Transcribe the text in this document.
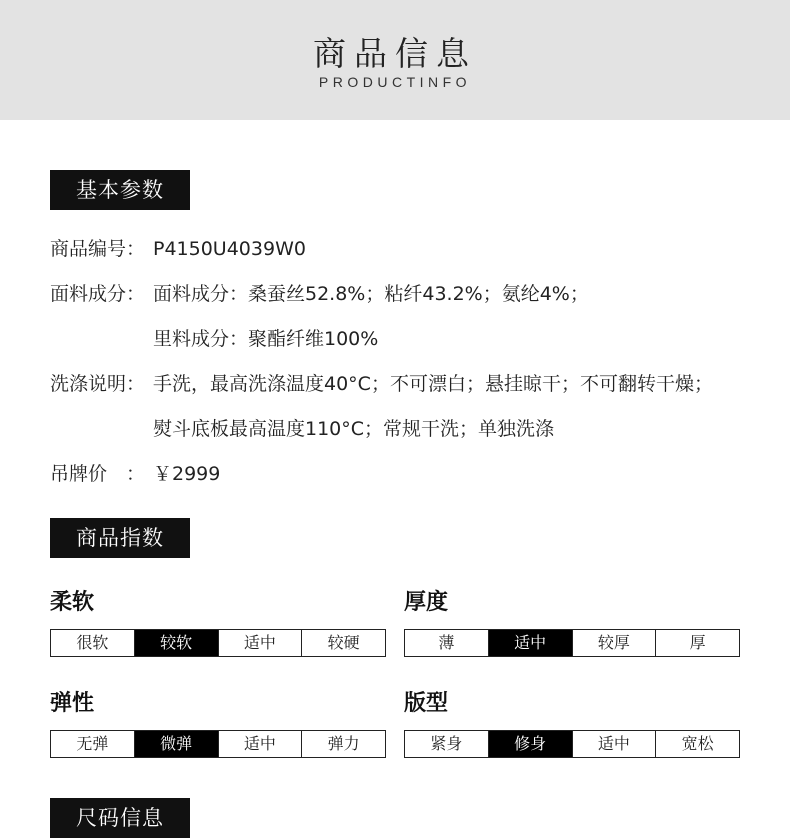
商品信息
PRODUCTINFO
基本参数
商品编号： P4150U4039W0
面料成分： 面料成分：桑蚕丝52.8%；粘纤43.2%；氨纶4%；
里料成分：聚酯纤维100%
洗涤说明： 手洗，最高洗涤温度40°C；不可漂白；悬挂晾干；不可翻转干燥；
熨斗底板最高温度110°C；常规干洗；单独洗涤
吊牌价　： ￥2999
商品指数
柔软
很软	较软	适中	较硬
厚度
薄	适中	较厚	厚
弹性
无弹	微弹	适中	弹力
版型
紧身	修身	适中	宽松
尺码信息
